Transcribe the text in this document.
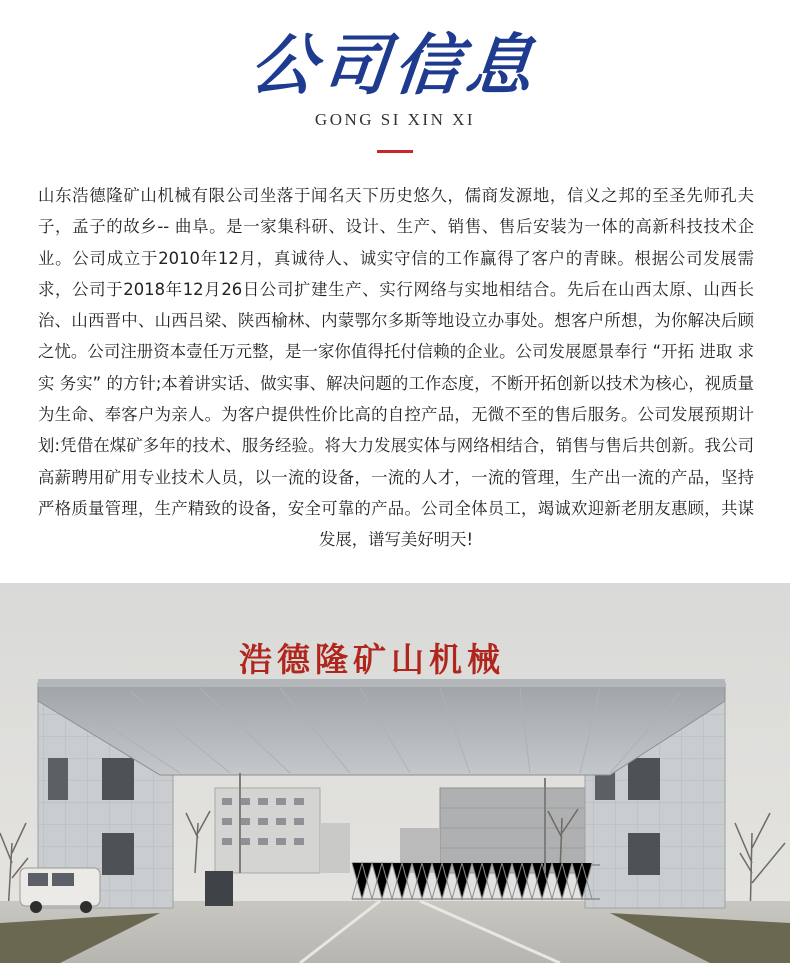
公司信息
GONG SI XIN XI
山东浩德隆矿山机械有限公司坐落于闻名天下历史悠久，儒商发源地，信义之邦的至圣先师孔夫子，孟子的故乡-- 曲阜。是一家集科研、设计、生产、销售、售后安装为一体的高新科技技术企业。公司成立于2010年12月，真诚待人、诚实守信的工作赢得了客户的青睐。根据公司发展需求，公司于2018年12月26日公司扩建生产、实行网络与实地相结合。先后在山西太原、山西长治、山西晋中、山西吕梁、陕西榆林、内蒙鄂尔多斯等地设立办事处。想客户所想，为你解决后顾之忧。公司注册资本壹任万元整，是一家你值得托付信赖的企业。公司发展愿景奉行 “开拓 进取 求实 务实” 的方针;本着讲实话、做实事、解决问题的工作态度，不断开拓创新以技术为核心，视质量为生命、奉客户为亲人。为客户提供性价比高的自控产品，无微不至的售后服务。公司发展预期计划:凭借在煤矿多年的技术、服务经验。将大力发展实体与网络相结合，销售与售后共创新。我公司高薪聘用矿用专业技术人员，以一流的设备，一流的人才，一流的管理，生产出一流的产品，坚持严格质量管理，生产精致的设备，安全可靠的产品。公司全体员工，竭诚欢迎新老朋友惠顾，共谋发展，谱写美好明天!
浩德隆矿山机械
